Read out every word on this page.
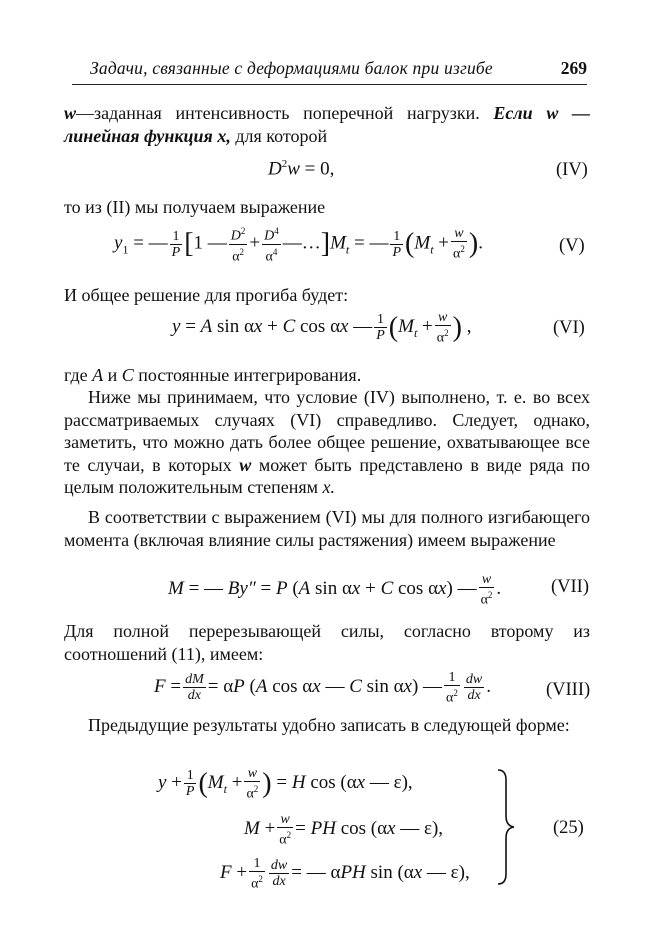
Задачи, связанные с деформациями балок при изгибе	269
w—заданная интенсивность поперечной нагрузки. Если w — линейная функция x, для которой
$D^2w = 0$,	(IV)
то из (II) мы получаем выражение
$y_1$ = — $\frac{1}{P} [1$ — $\frac{D^2}{\alpha^2} + \frac{D^4}{\alpha^4}$ $—\dots]M_t$ = — $\frac{1}{P} (M_t + \frac{w}{\alpha^2}$ ).	(V)
И общее решение для прогиба будет:
y = A sin αx + C cos αx — $\frac{1}{P} (M_t + \frac{w}{\alpha^2}$ ) ,	(VI)
где A и C постоянные интегрирования.
Ниже мы принимаем, что условие (IV) выполнено, т. е. во всех рассматриваемых случаях (VI) справедливо. Следует, однако, заметить, что можно дать более общее решение, охватывающее все те случаи, в которых w может быть представлено в виде ряда по целым положительным степеням x.
В соответствии с выражением (VI) мы для полного изгибающего момента (включая влияние силы растяжения) имеем выражение
M = — By″ = P (A sin αx + C cos αx) — $\frac{w}{\alpha^2}$ .	(VII)
Для полной перерезывающей силы, согласно второму из соотношений (11), имеем:
$F = \frac{dM}{dx} = \alpha P$ (A cos αx — C sin αx) — $\frac{1}{\alpha^2} \frac{dw}{dx}$ .	(VIII)
Предыдущие результаты удобно записать в следующей форме:
$y + \frac{1}{P} (M_t + \frac{w}{\alpha^2}$ ) = H cos (αx — ε),
$M + \frac{w}{\alpha^2}$ = PH cos (αx — ε),
$F + \frac{1}{\alpha^2} \frac{dw}{dx}$ = — αPH sin (αx — ε),
(25)
